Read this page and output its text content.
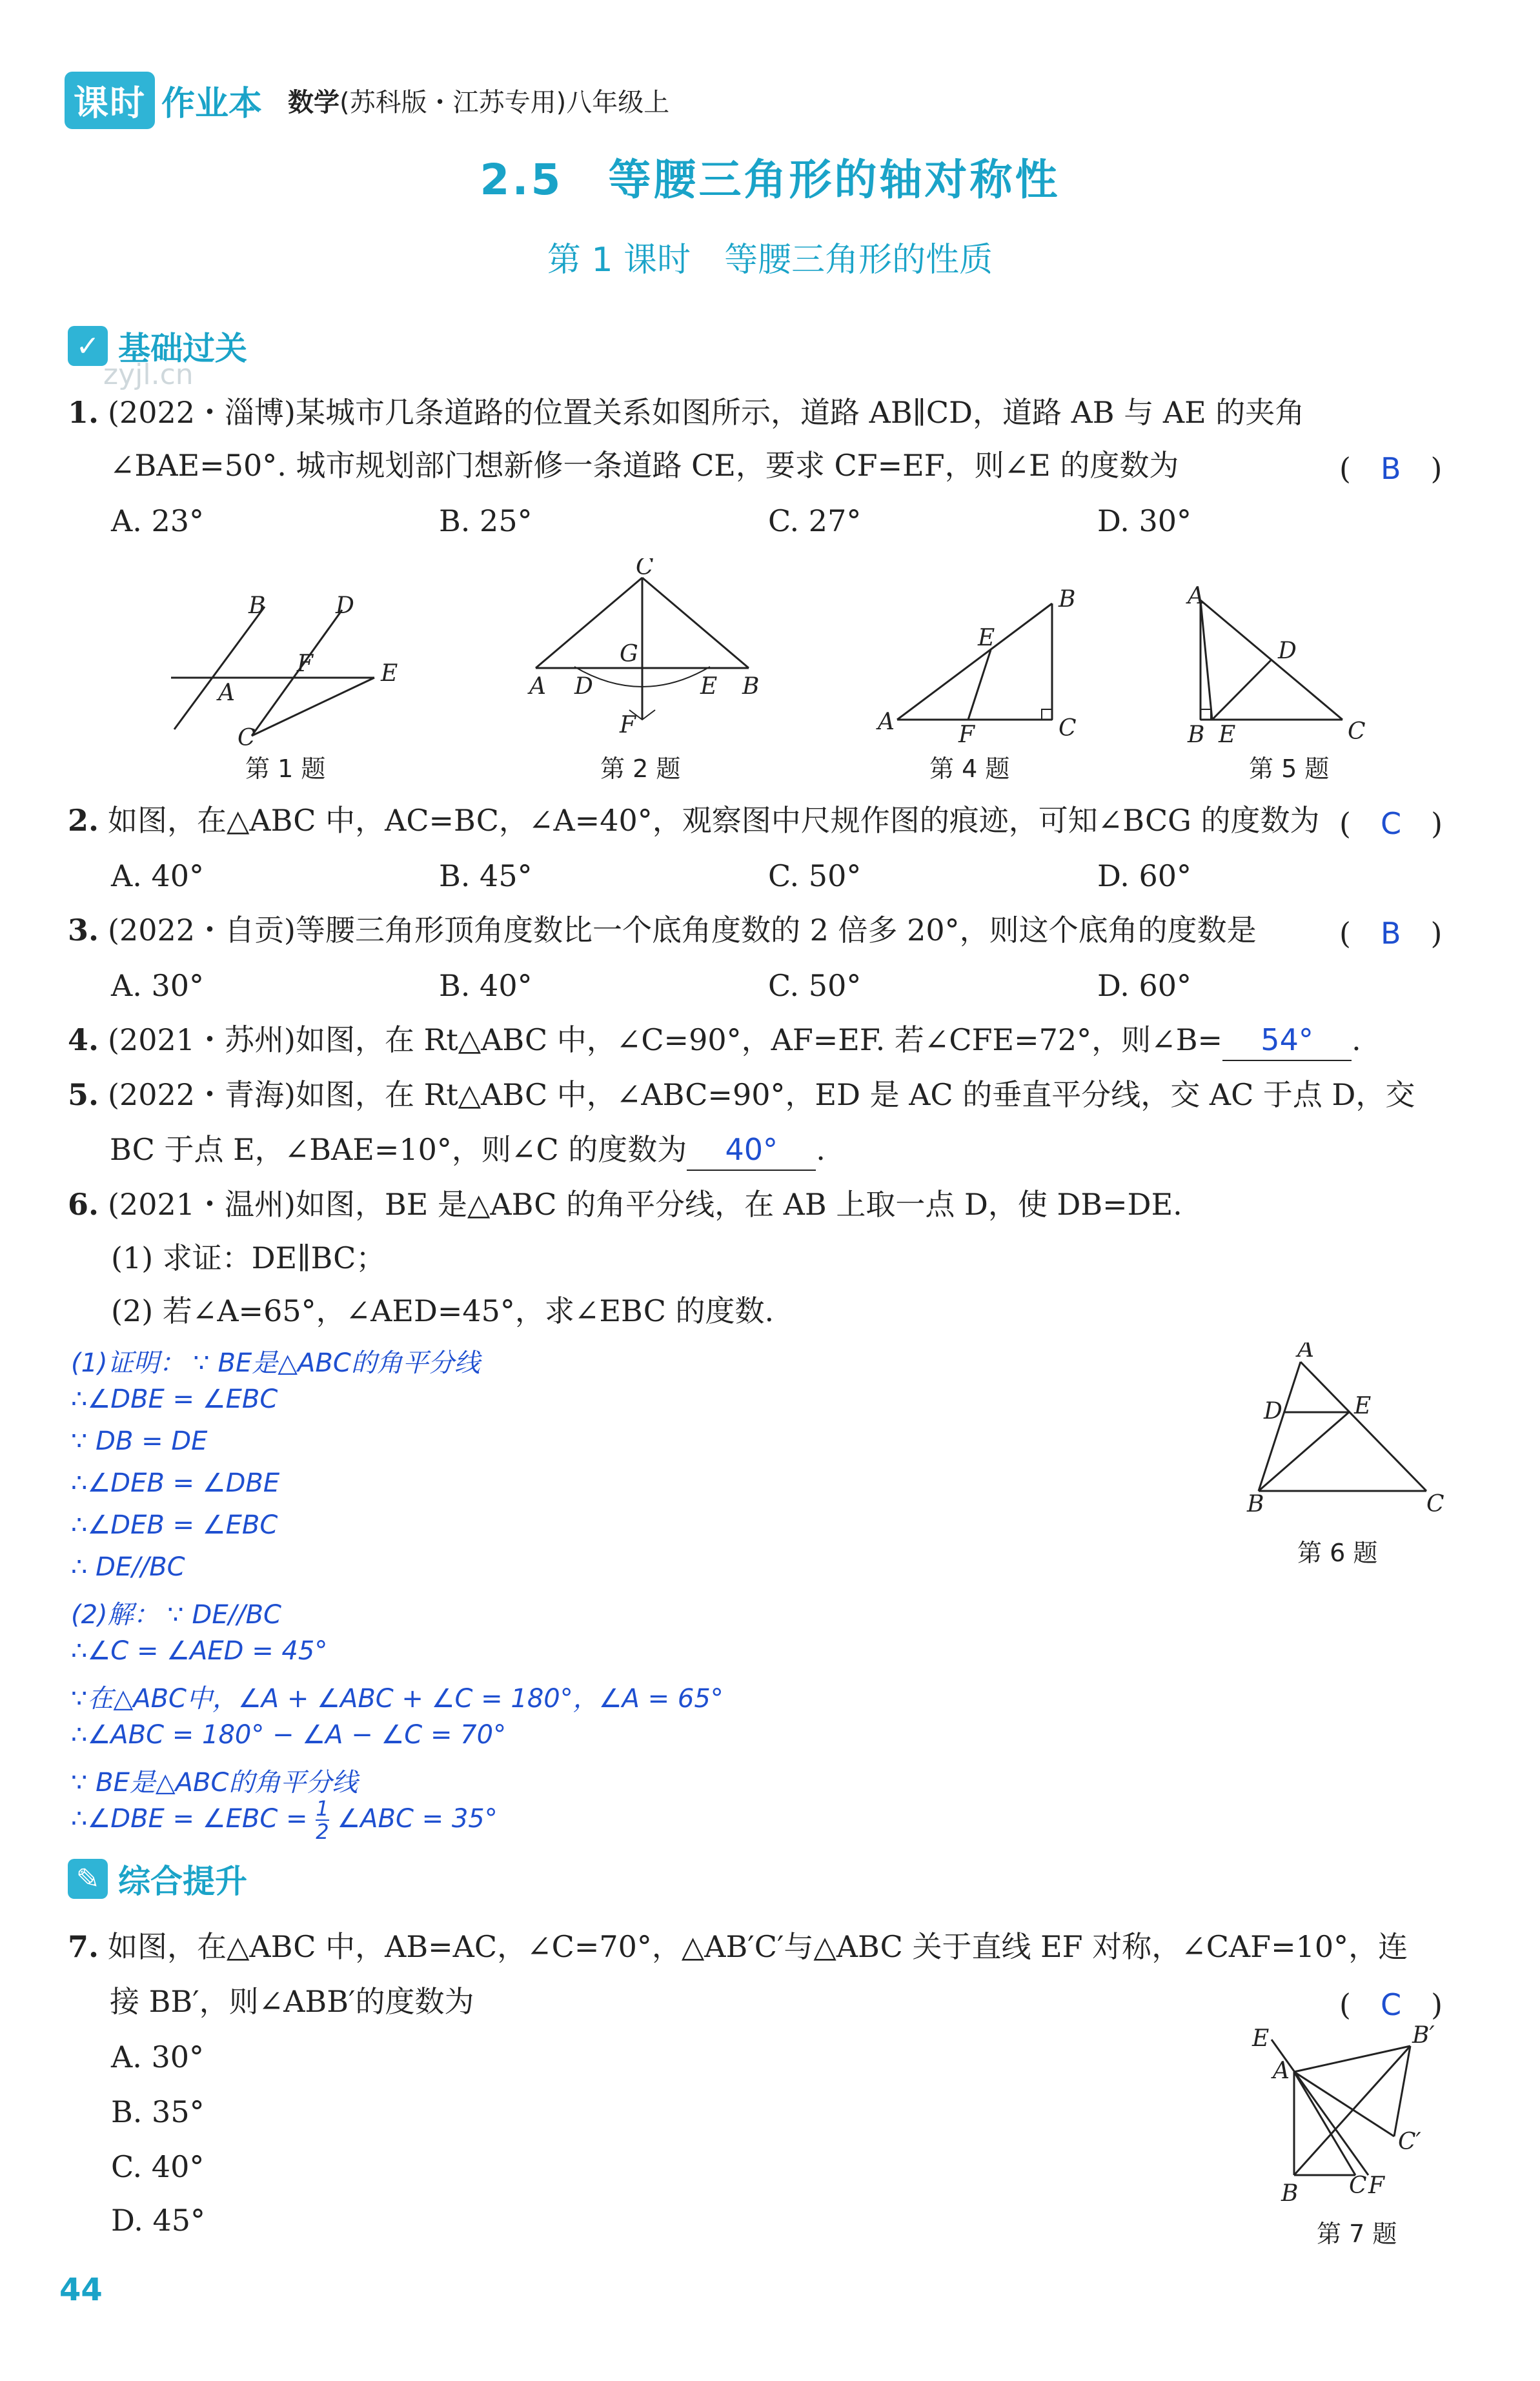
课时 作业本 数学(苏科版・江苏专用)八年级上
2.5　等腰三角形的轴对称性
第 1 课时　等腰三角形的性质
✓ 基础过关
zyjl.cn
1. (2022・淄博)某城市几条道路的位置关系如图所示，道路 AB∥CD，道路 AB 与 AE 的夹角
∠BAE=50°. 城市规划部门想新修一条道路 CE，要求 CF=EF，则∠E 的度数为	(　B　)
A. 23°	B. 25°	C. 27°	D. 30°
B	D
F	E
A
C
第 1 题
C
G
A D	E B
F
第 2 题
B
E
A	F	C
第 4 题
A
D
B E	C
第 5 题
2. 如图，在△ABC 中，AC=BC，∠A=40°，观察图中尺规作图的痕迹，可知∠BCG 的度数为 (　C　)
A. 40°	B. 45°	C. 50°	D. 60°
3. (2022・自贡)等腰三角形顶角度数比一个底角度数的 2 倍多 20°，则这个底角的度数是	(　B　)
A. 30°	B. 40°	C. 50°	D. 60°
4. (2021・苏州)如图，在 Rt△ABC 中，∠C=90°，AF=EF. 若∠CFE=72°，则∠B= 54° .
5. (2022・青海)如图，在 Rt△ABC 中，∠ABC=90°，ED 是 AC 的垂直平分线，交 AC 于点 D，交
BC 于点 E，∠BAE=10°，则∠C 的度数为 40° .
6. (2021・温州)如图，BE 是△ABC 的角平分线，在 AB 上取一点 D，使 DB=DE.
(1) 求证：DE∥BC；
(2) 若∠A=65°，∠AED=45°，求∠EBC 的度数.
(1)证明： ∵ BE是△ABC的角平分线
∴∠DBE = ∠EBC
∵ DB = DE
∴∠DEB = ∠DBE
∴∠DEB = ∠EBC
∴ DE//BC
(2)解： ∵ DE//BC
∴∠C = ∠AED = 45°
∵在△ABC中，∠A + ∠ABC + ∠C = 180°，∠A = 65°
∴∠ABC = 180° − ∠A − ∠C = 70°
∵ BE是△ABC的角平分线
∴∠DBE = ∠EBC = $\frac{1}{2}$ ∠ABC = 35°
A
D	E
B	C
第 6 题
✎ 综合提升
7. 如图，在△ABC 中，AB=AC，∠C=70°，△AB′C′与△ABC 关于直线 EF 对称，∠CAF=10°，连
接 BB′，则∠ABB′的度数为	(　C　)
A. 30°
B. 35°
C. 40°
D. 45°
E	B′
A
C′
B C F
第 7 题
44
